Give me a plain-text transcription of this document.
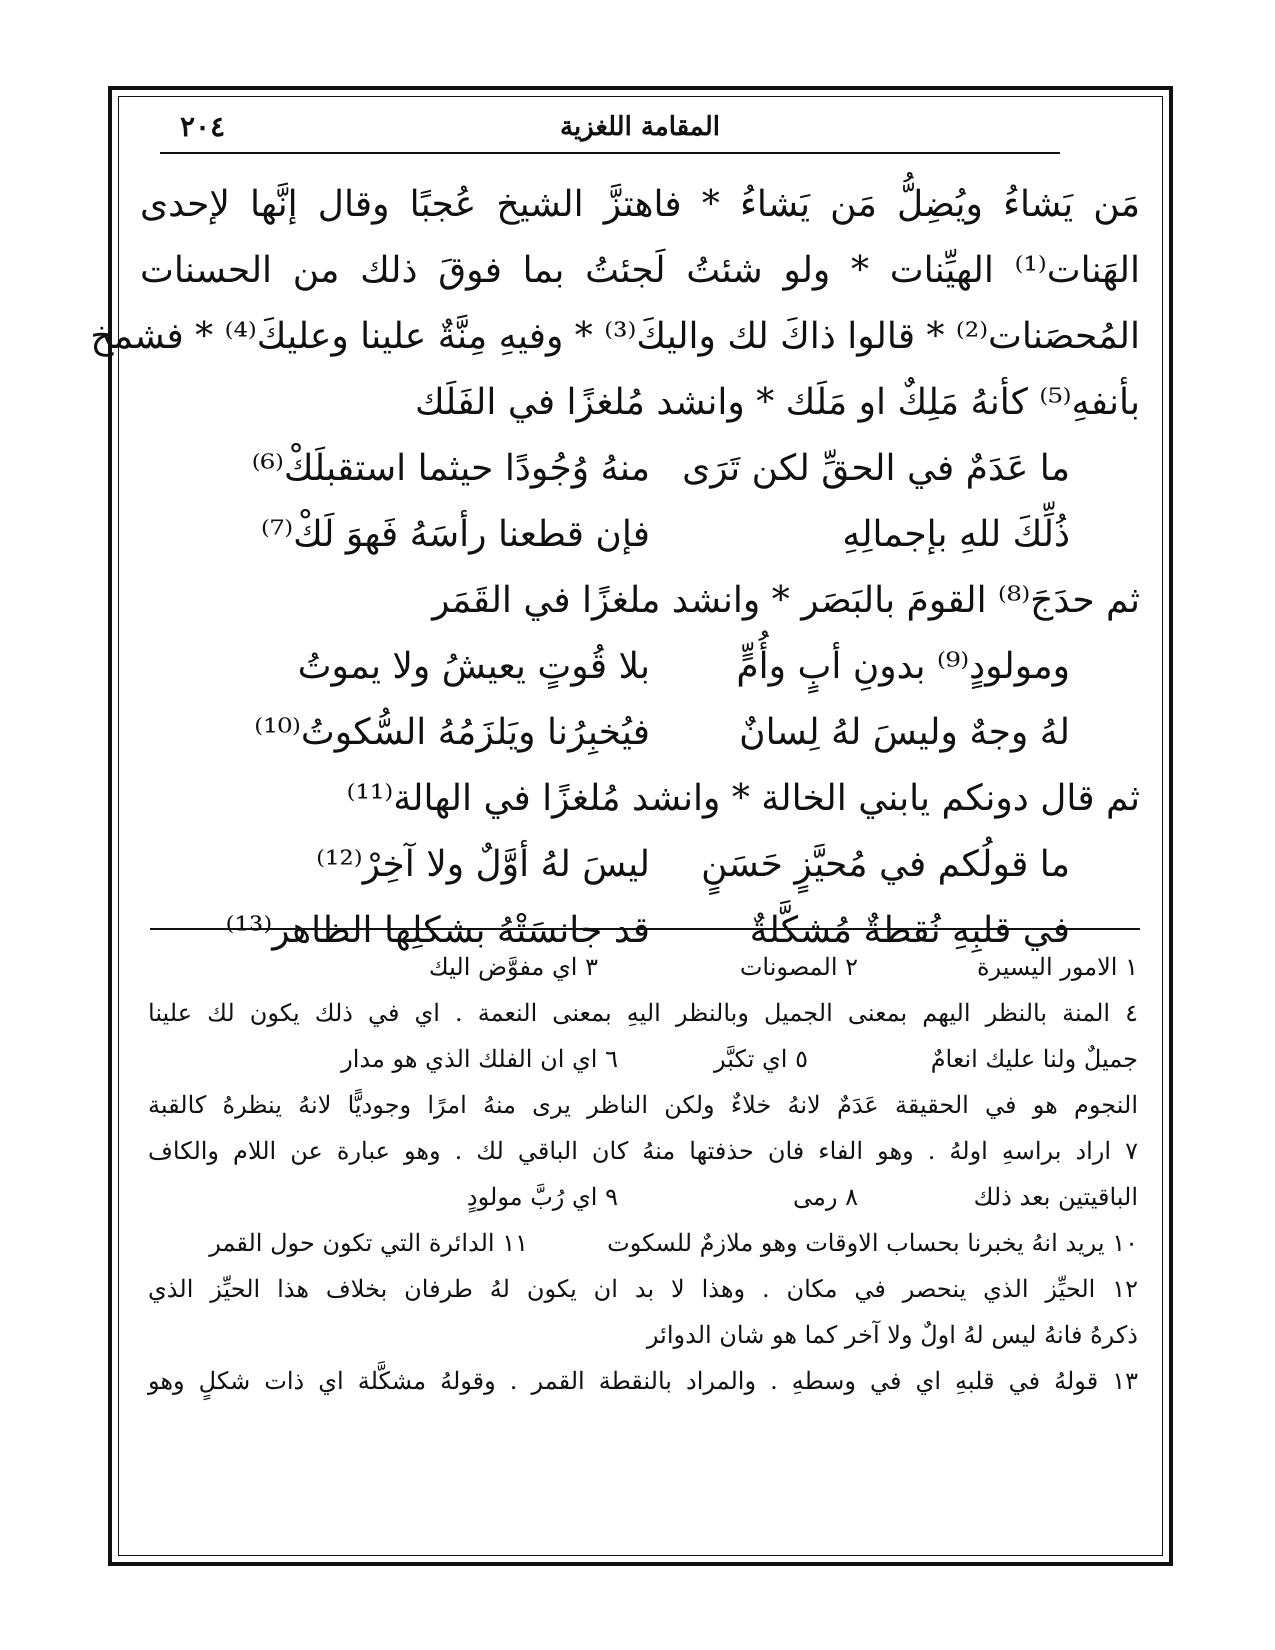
المقامة اللغزية
٢٠٤
مَن يَشاءُ ويُضِلُّ مَن يَشاءُ * فاهتزَّ الشيخ عُجبًا وقال إنَّها لإحدى
الهَنات⁽¹⁾ الهيِّنات * ولو شئتُ لَجئتُ بما فوقَ ذلك من الحسنات
المُحصَنات⁽²⁾ * قالوا ذاكَ لك واليكَ⁽³⁾ * وفيهِ مِنَّةٌ علينا وعليكَ⁽⁴⁾ * فشمخ
بأنفهِ⁽⁵⁾ كأنهُ مَلِكٌ او مَلَك * وانشد مُلغزًا في الفَلَك
ما عَدَمٌ في الحقِّ لكن تَرَى
منهُ وُجُودًا حيثما استقبلَكْ⁽⁶⁾
ذُلِّكَ للهِ بإجمالِهِ
فإن قطعنا رأسَهُ فَهوَ لَكْ⁽⁷⁾
ثم حدَجَ⁽⁸⁾ القومَ بالبَصَر * وانشد ملغزًا في القَمَر
ومولودٍ⁽⁹⁾ بدونِ أبٍ وأُمٍّ
بلا قُوتٍ يعيشُ ولا يموتُ
لهُ وجهٌ وليسَ لهُ لِسانٌ
فيُخبِرُنا ويَلزَمُهُ السُّكوتُ⁽¹⁰⁾
ثم قال دونكم يابني الخالة * وانشد مُلغزًا في الهالة⁽¹¹⁾
ما قولُكم في مُحيَّزٍ حَسَنٍ
ليسَ لهُ أوَّلٌ ولا آخِرْ⁽¹²⁾
في قلبِهِ نُقطةٌ مُشكَّلةٌ
قد جانسَتْهُ بشكلِها الظاهر⁽¹³⁾
١ الامور اليسيرة
٢ المصونات
٣ اي مفوَّض اليك
٤ المنة بالنظر اليهم بمعنى الجميل وبالنظر اليهِ بمعنى النعمة . اي في ذلك يكون لك علينا
جميلٌ ولنا عليك انعامٌ
٥ اي تكبَّر
٦ اي ان الفلك الذي هو مدار
النجوم هو في الحقيقة عَدَمٌ لانهُ خلاءٌ ولكن الناظر يرى منهُ امرًا وجوديًّا لانهُ ينظرهُ كالقبة
٧ اراد براسهِ اولهُ . وهو الفاء فان حذفتها منهُ كان الباقي لك . وهو عبارة عن اللام والكاف
الباقيتين بعد ذلك
٨ رمى
٩ اي رُبَّ مولودٍ
١٠ يريد انهُ يخبرنا بحساب الاوقات وهو ملازمٌ للسكوت
١١ الدائرة التي تكون حول القمر
١٢ الحيِّز الذي ينحصر في مكان . وهذا لا بد ان يكون لهُ طرفان بخلاف هذا الحيِّز الذي
ذكرهُ فانهُ ليس لهُ اولٌ ولا آخر كما هو شان الدوائر
١٣ قولهُ في قلبهِ اي في وسطهِ . والمراد بالنقطة القمر . وقولهُ مشكَّلة اي ذات شكلٍ وهو
